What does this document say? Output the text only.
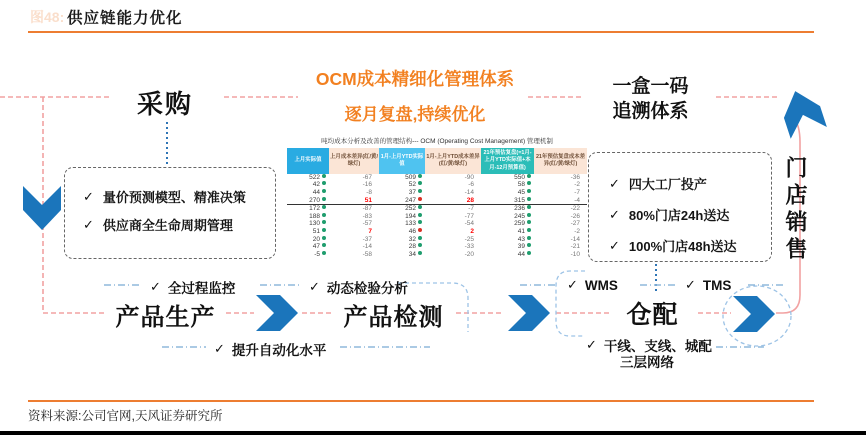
图48: 供应链能力优化
采购
一盒一码
追溯体系
OCM成本精细化管理体系
逐月复盘,持续优化
产品生产	产品检测	仓配
门店销售
✓ 量价预测模型、精准决策
✓ 供应商全生命周期管理
✓ 四大工厂投产
✓ 80%门店24h送达
✓ 100%门店48h送达
✓ 全过程监控	✓ 动态检验分析
✓ 提升自动化水平
✓ WMS	✓ TMS
✓ 干线、支线、城配
三层网络
吨均成本分析及改善的管理结构--- OCM (Operating Cost Management) 管理机制
上月实际值	上月成本差异(红/黄/绿灯)	1月-上月YTD实际值	1月-上月YTD成本差异(红/黄/绿灯)	21年预估复盘(=1月-上月YTD实际值+本月-12月预算值)	21年预估复盘成本差异(红/黄/绿灯)
522	-67	509	-90	550	-36
42	-16	52	-6	58	-2
44	-8	37	-14	45	-7
270	51	247	28	315	-4
172	-87	252	-7	236	-22
188	-83	194	-77	245	-26
130	-57	133	-54	259	-27
51	7	46	2	41	-2
20	-37	32	-25	43	-14
47	-14	28	-33	39	-21
-5	-58	34	-20	44	-10
资料来源:公司官网,天风证券研究所
